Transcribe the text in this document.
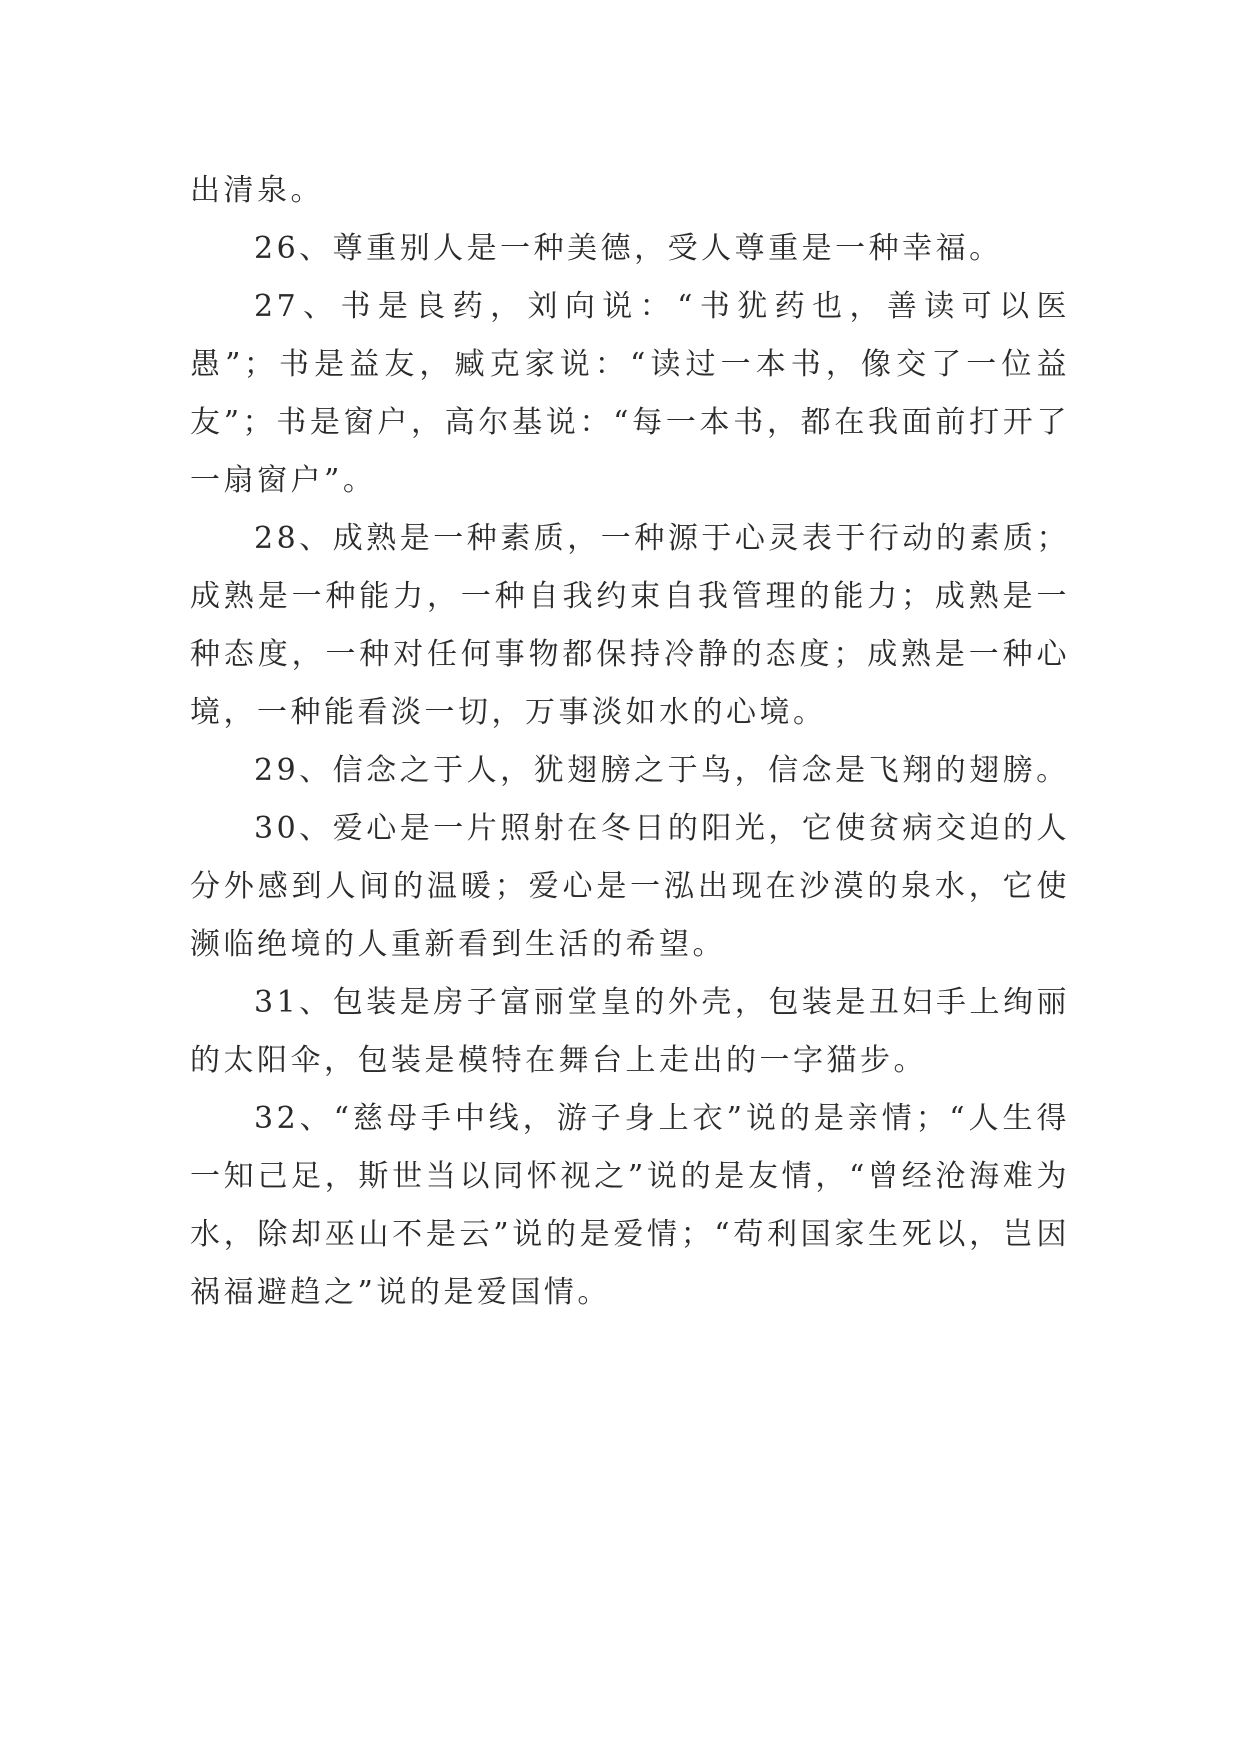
出清泉。

26、尊重别人是一种美德，受人尊重是一种幸福。

27、书是良药，刘向说：“书犹药也，善读可以医愚”；书是益友，臧克家说：“读过一本书，像交了一位益友”；书是窗户，高尔基说：“每一本书，都在我面前打开了一扇窗户”。

28、成熟是一种素质，一种源于心灵表于行动的素质；成熟是一种能力，一种自我约束自我管理的能力；成熟是一种态度，一种对任何事物都保持冷静的态度；成熟是一种心境，一种能看淡一切，万事淡如水的心境。

29、信念之于人，犹翅膀之于鸟，信念是飞翔的翅膀。

30、爱心是一片照射在冬日的阳光，它使贫病交迫的人分外感到人间的温暖；爱心是一泓出现在沙漠的泉水，它使濒临绝境的人重新看到生活的希望。

31、包装是房子富丽堂皇的外壳，包装是丑妇手上绚丽的太阳伞，包装是模特在舞台上走出的一字猫步。

32、“慈母手中线，游子身上衣”说的是亲情；“人生得一知己足，斯世当以同怀视之”说的是友情，“曾经沧海难为水，除却巫山不是云”说的是爱情；“苟利国家生死以，岂因祸福避趋之”说的是爱国情。
